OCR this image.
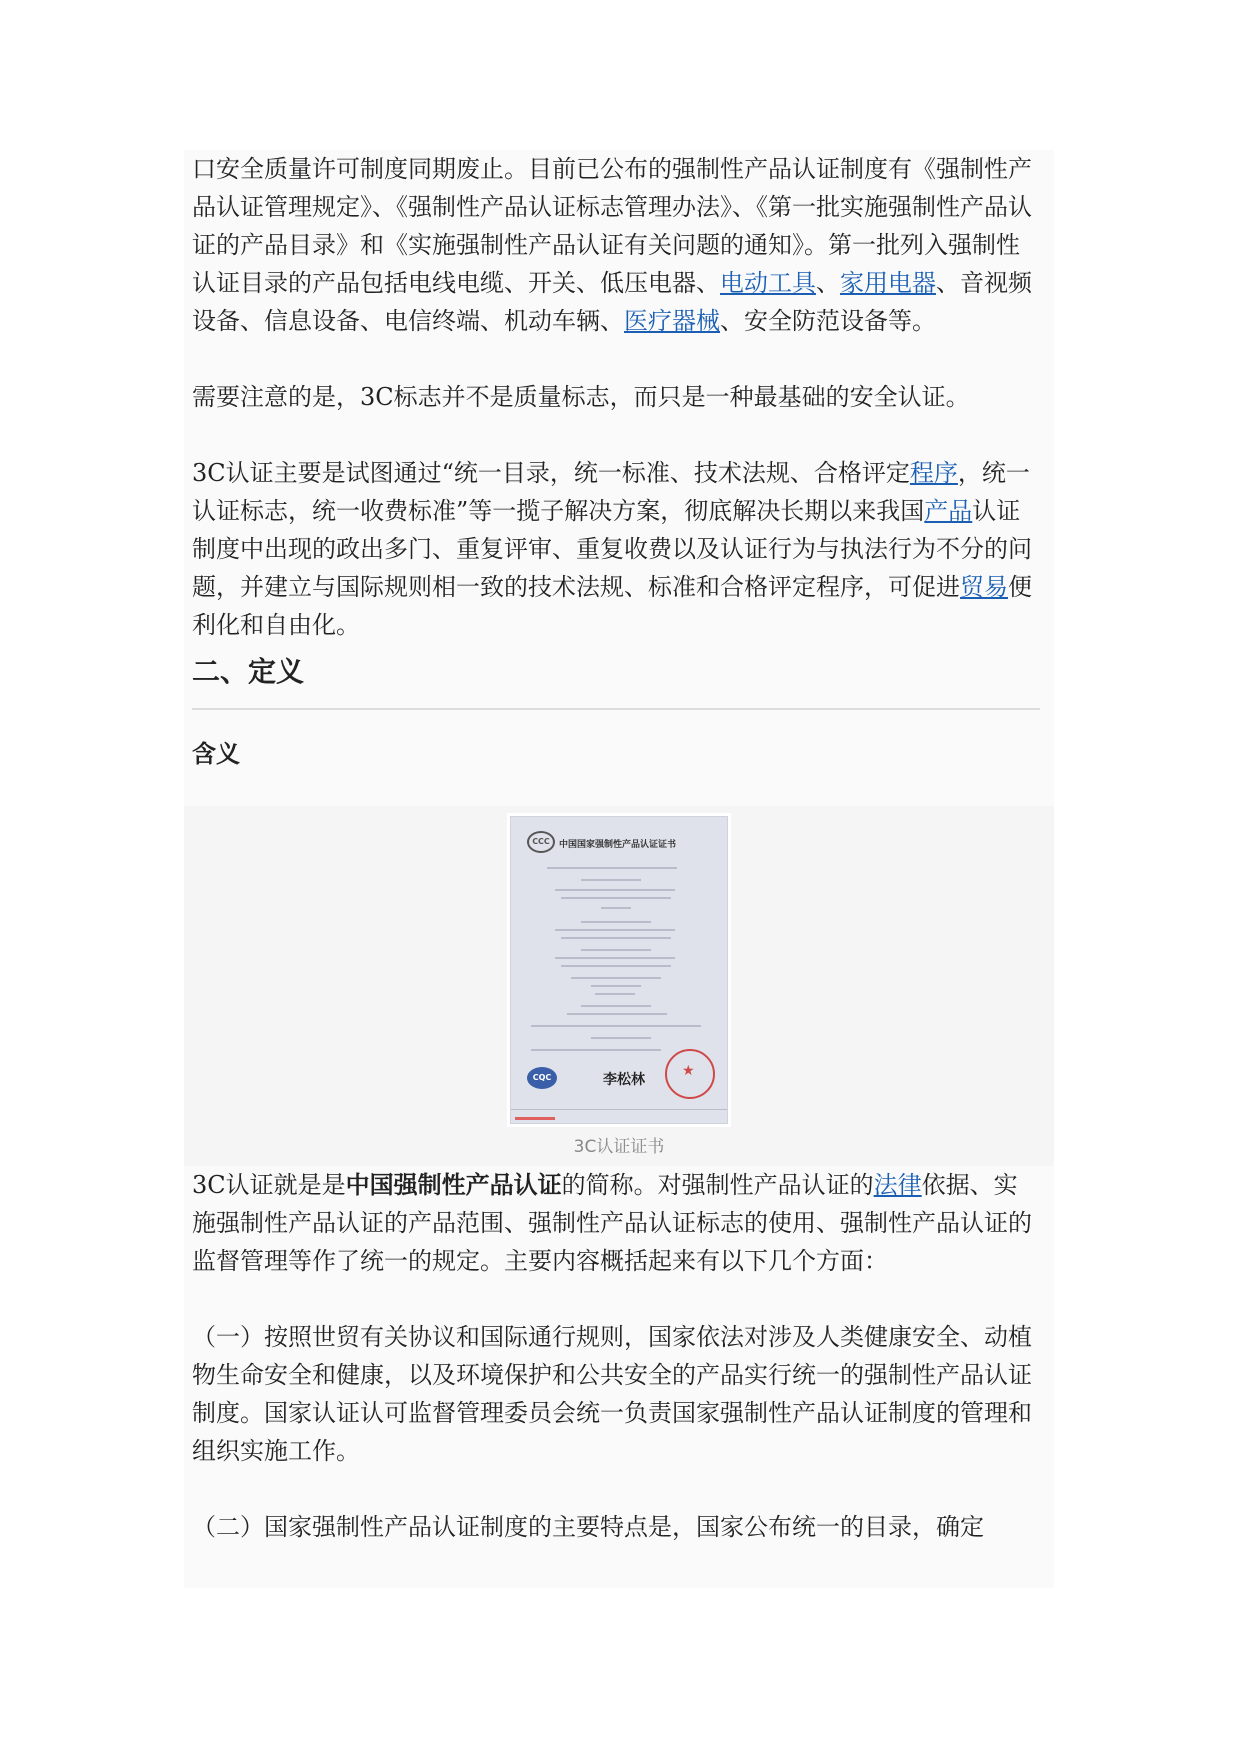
口安全质量许可制度同期废止。目前已公布的强制性产品认证制度有《强制性产品认证管理规定》、《强制性产品认证标志管理办法》、《第一批实施强制性产品认证的产品目录》和《实施强制性产品认证有关问题的通知》。第一批列入强制性认证目录的产品包括电线电缆、开关、低压电器、电动工具、家用电器、音视频设备、信息设备、电信终端、机动车辆、医疗器械、安全防范设备等。

需要注意的是，3C标志并不是质量标志，而只是一种最基础的安全认证。

3C认证主要是试图通过“统一目录，统一标准、技术法规、合格评定程序，统一认证标志，统一收费标准”等一揽子解决方案，彻底解决长期以来我国产品认证制度中出现的政出多门、重复评审、重复收费以及认证行为与执法行为不分的问题，并建立与国际规则相一致的技术法规、标准和合格评定程序，可促进贸易便利化和自由化。

二、定义
含义
CCC	中国国家强制性产品认证证书
CQC	李松林
★
3C认证证书

3C认证就是是中国强制性产品认证的简称。对强制性产品认证的法律依据、实施强制性产品认证的产品范围、强制性产品认证标志的使用、强制性产品认证的监督管理等作了统一的规定。主要内容概括起来有以下几个方面：

（一）按照世贸有关协议和国际通行规则，国家依法对涉及人类健康安全、动植物生命安全和健康，以及环境保护和公共安全的产品实行统一的强制性产品认证制度。国家认证认可监督管理委员会统一负责国家强制性产品认证制度的管理和组织实施工作。

（二）国家强制性产品认证制度的主要特点是，国家公布统一的目录，确定
